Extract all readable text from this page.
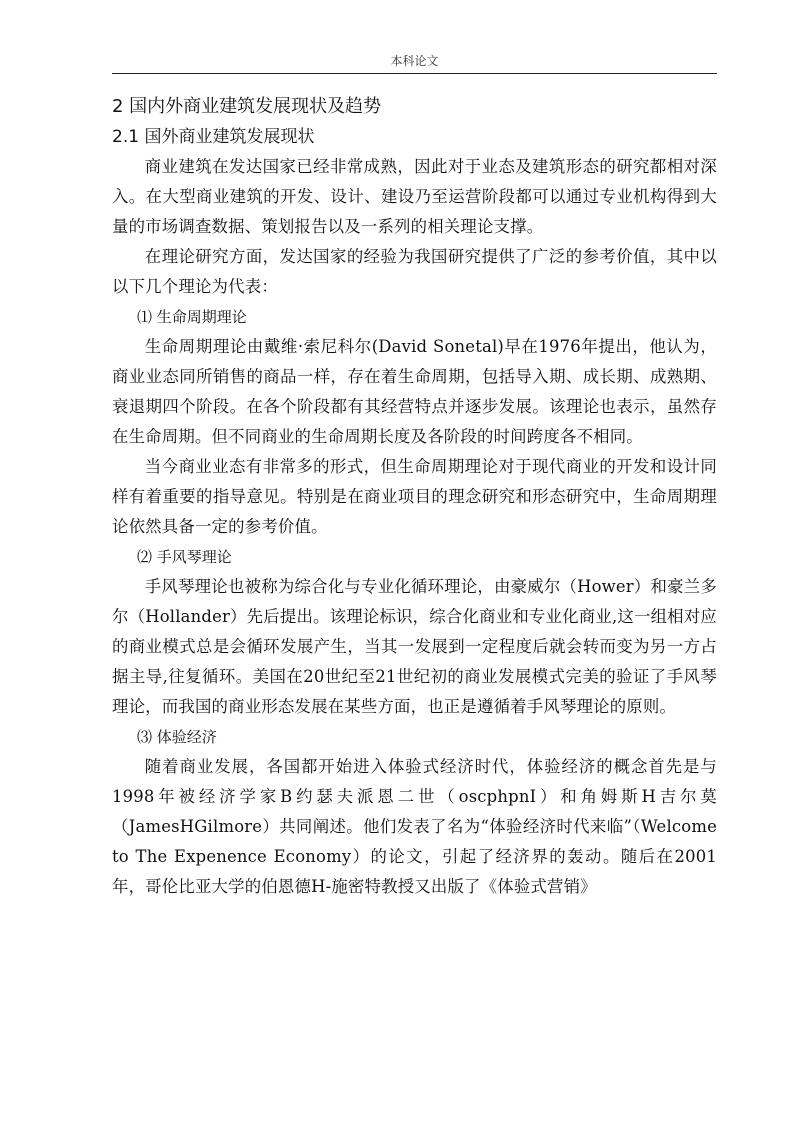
本科论文
2 国内外商业建筑发展现状及趋势
2.1 国外商业建筑发展现状

商业建筑在发达国家已经非常成熟，因此对于业态及建筑形态的研究都相对深入。在大型商业建筑的开发、设计、建设乃至运营阶段都可以通过专业机构得到大量的市场调查数据、策划报告以及一系列的相关理论支撑。

在理论研究方面，发达国家的经验为我国研究提供了广泛的参考价值，其中以以下几个理论为代表：

⑴ 生命周期理论

生命周期理论由戴维·索尼科尔(David Sonetal)早在1976年提出，他认为，商业业态同所销售的商品一样，存在着生命周期，包括导入期、成长期、成熟期、衰退期四个阶段。在各个阶段都有其经营特点并逐步发展。该理论也表示，虽然存在生命周期。但不同商业的生命周期长度及各阶段的时间跨度各不相同。

当今商业业态有非常多的形式，但生命周期理论对于现代商业的开发和设计同样有着重要的指导意见。特别是在商业项目的理念研究和形态研究中，生命周期理论依然具备一定的参考价值。

⑵ 手风琴理论

手风琴理论也被称为综合化与专业化循环理论，由豪威尔（Hower）和豪兰多尔（Hollander）先后提出。该理论标识，综合化商业和专业化商业,这一组相对应的商业模式总是会循环发展产生，当其一发展到一定程度后就会转而变为另一方占据主导,往复循环。美国在20世纪至21世纪初的商业发展模式完美的验证了手风琴理论，而我国的商业形态发展在某些方面，也正是遵循着手风琴理论的原则。

⑶ 体验经济

随着商业发展，各国都开始进入体验式经济时代，体验经济的概念首先是与1998年被经济学家B约瑟夫派恩二世（oscphpnI）和角姆斯H吉尔莫（JamesHGilmore）共同阐述。他们发表了名为“体验经济时代来临”（Welcome to The Expenence Economy）的论文，引起了经济界的轰动。随后在2001年，哥伦比亚大学的伯恩德H-施密特教授又出版了《体验式营销》
